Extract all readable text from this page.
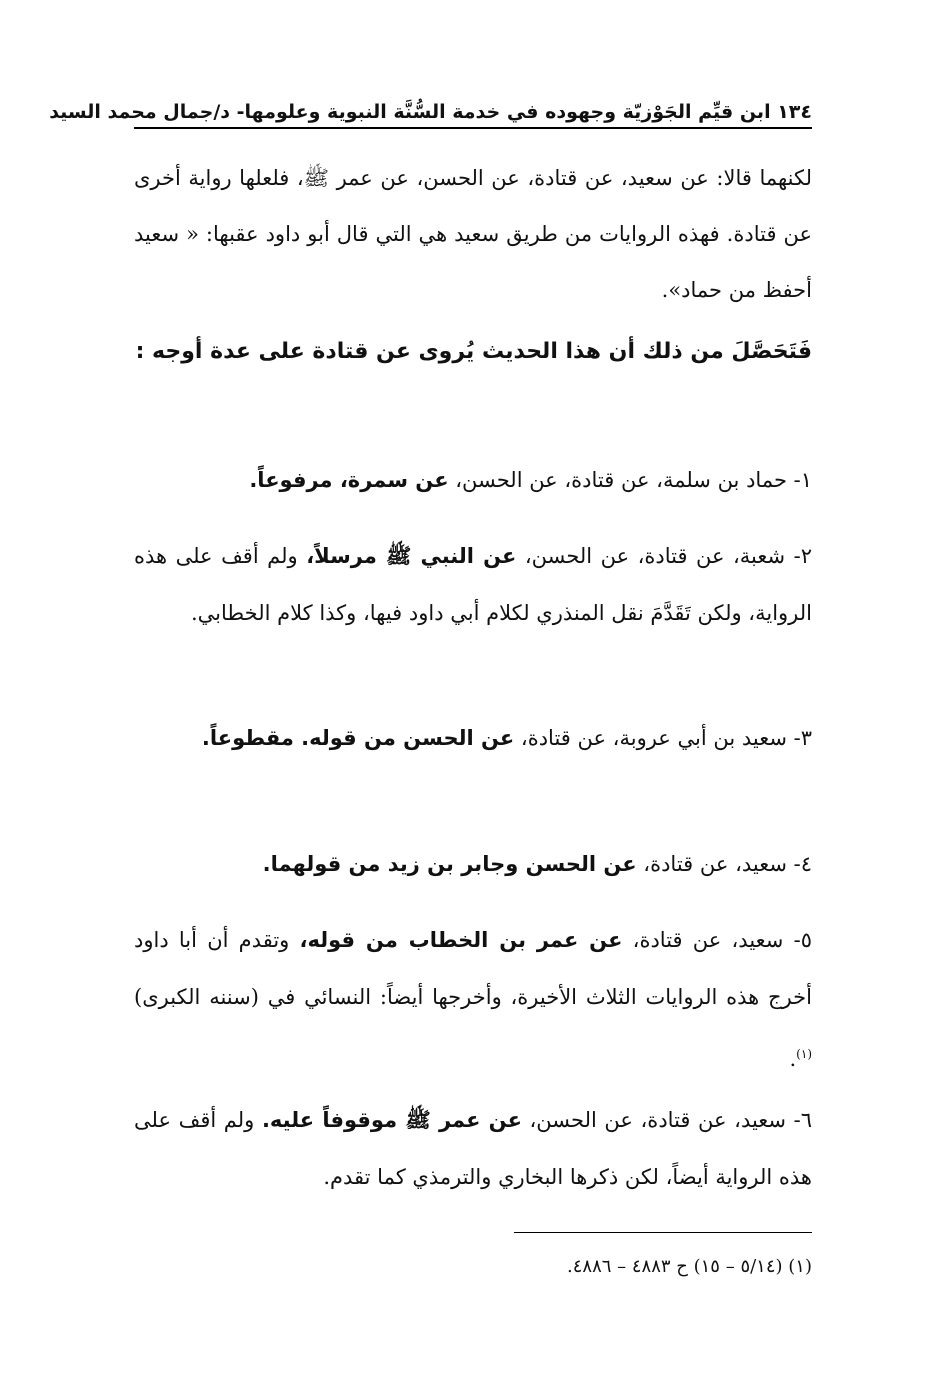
١٣٤ ابن قيِّم الجَوْزيّة وجهوده في خدمة السُّنَّة النبوية وعلومها- د/جمال محمد السيد
لكنهما قالا: عن سعيد، عن قتادة، عن الحسن، عن عمر ﷺ، فلعلها رواية أخرى عن قتادة. فهذه الروايات من طريق سعيد هي التي قال أبو داود عقبها: « سعيد أحفظ من حماد».
فَتَحَصَّلَ من ذلك أن هذا الحديث يُروى عن قتادة على عدة أوجه :
١- حماد بن سلمة، عن قتادة، عن الحسن، عن سمرة، مرفوعاً.
٢- شعبة، عن قتادة، عن الحسن، عن النبي ﷺ مرسلاً، ولم أقف على هذه الرواية، ولكن تَقَدَّمَ نقل المنذري لكلام أبي داود فيها، وكذا كلام الخطابي.
٣- سعيد بن أبي عروبة، عن قتادة، عن الحسن من قوله. مقطوعاً.
٤- سعيد، عن قتادة، عن الحسن وجابر بن زيد من قولهما.
٥- سعيد، عن قتادة، عن عمر بن الخطاب من قوله، وتقدم أن أبا داود أخرج هذه الروايات الثلاث الأخيرة، وأخرجها أيضاً: النسائي في (سننه الكبرى)$^{(١)}$.
٦- سعيد، عن قتادة، عن الحسن، عن عمر ﷺ موقوفاً عليه. ولم أقف على هذه الرواية أيضاً، لكن ذكرها البخاري والترمذي كما تقدم.
(١) (٥/١٤ – ١٥) ح ٤٨٨٣ – ٤٨٨٦.
